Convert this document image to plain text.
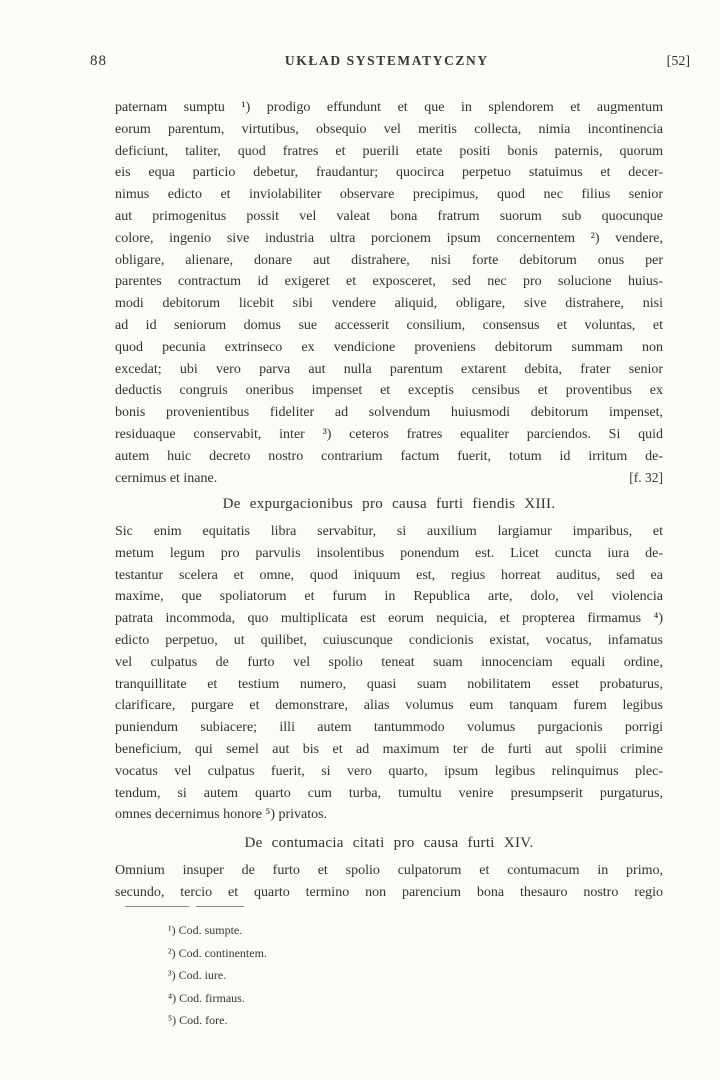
88	UKŁAD SYSTEMATYCZNY	[52]
paternam sumptu ¹) prodigo effundunt et que in splendorem et augmentum
eorum parentum, virtutibus, obsequio vel meritis collecta, nimia incontinencia
deficiunt, taliter, quod fratres et puerili etate positi bonis paternis, quorum
eis equa particio debetur, fraudantur; quocirca perpetuo statuimus et decer-
nimus edicto et inviolabiliter observare precipimus, quod nec filius senior
aut primogenitus possit vel valeat bona fratrum suorum sub quocunque
colore, ingenio sive industria ultra porcionem ipsum concernentem ²) vendere,
obligare, alienare, donare aut distrahere, nisi forte debitorum onus per
parentes contractum id exigeret et exposceret, sed nec pro solucione huius-
modi debitorum licebit sibi vendere aliquid, obligare, sive distrahere, nisi
ad id seniorum domus sue accesserit consilium, consensus et voluntas, et
quod pecunia extrinseco ex vendicione proveniens debitorum summam non
excedat; ubi vero parva aut nulla parentum extarent debita, frater senior
deductis congruis oneribus impenset et exceptis censibus et proventibus ex
bonis provenientibus fideliter ad solvendum huiusmodi debitorum impenset,
residuaque conservabit, inter ³) ceteros fratres equaliter parciendos. Si quid
autem huic decreto nostro contrarium factum fuerit, totum id irritum de-
cernimus et inane.	[f. 32]
De expurgacionibus pro causa furti fiendis XIII.
Sic enim equitatis libra servabitur, si auxilium largiamur imparibus, et
metum legum pro parvulis insolentibus ponendum est. Licet cuncta iura de-
testantur scelera et omne, quod iniquum est, regius horreat auditus, sed ea
maxime, que spoliatorum et furum in Republica arte, dolo, vel violencia
patrata incommoda, quo multiplicata est eorum nequicia, et propterea firmamus ⁴)
edicto perpetuo, ut quilibet, cuiuscunque condicionis existat, vocatus, infamatus
vel culpatus de furto vel spolio teneat suam innocenciam equali ordine,
tranquillitate et testium numero, quasi suam nobilitatem esset probaturus,
clarificare, purgare et demonstrare, alias volumus eum tanquam furem legibus
puniendum subiacere; illi autem tantummodo volumus purgacionis porrigi
beneficium, qui semel aut bis et ad maximum ter de furti aut spolii crimine
vocatus vel culpatus fuerit, si vero quarto, ipsum legibus relinquimus plec-
tendum, si autem quarto cum turba, tumultu venire presumpserit purgaturus,
omnes decernimus honore ⁵) privatos.
De contumacia citati pro causa furti XIV.
Omnium insuper de furto et spolio culpatorum et contumacum in primo,
secundo, tercio et quarto termino non parencium bona thesauro nostro regio
¹) Cod. sumpte.
²) Cod. continentem.
³) Cod. iure.
⁴) Cod. firmaus.
⁵) Cod. fore.
